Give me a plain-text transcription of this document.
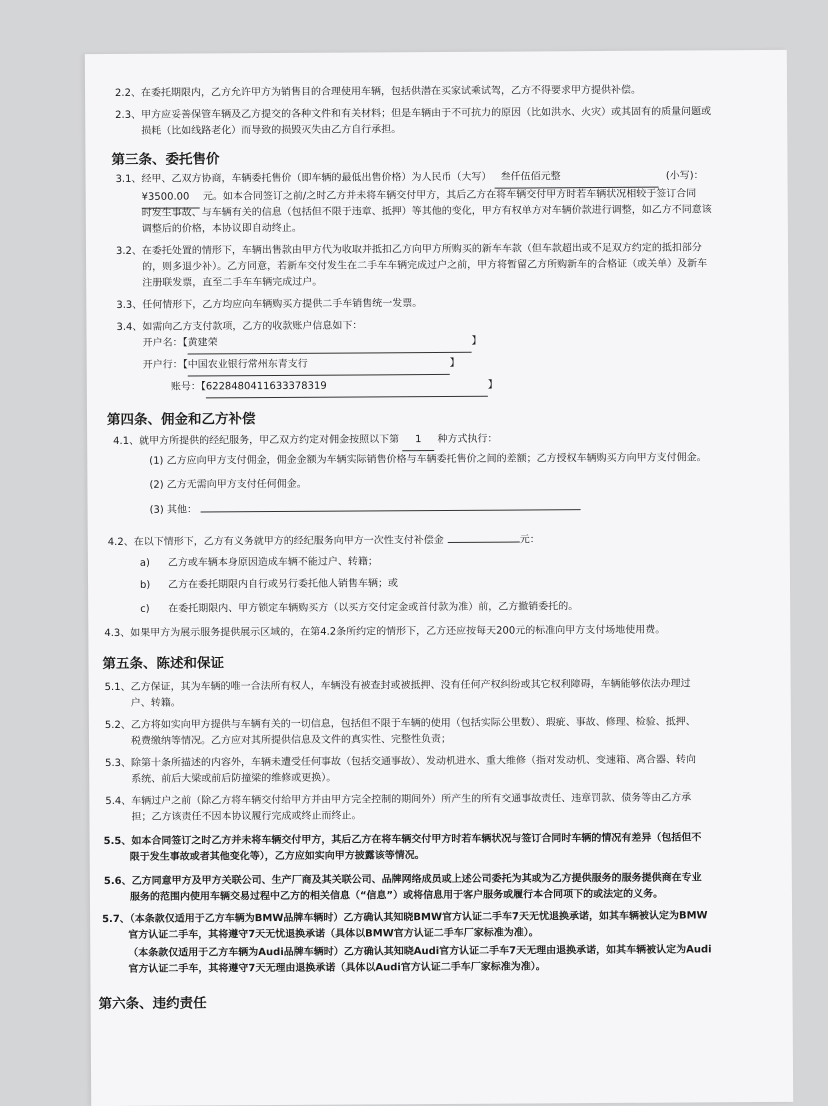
2.2、在委托期限内，乙方允许甲方为销售目的合理使用车辆，包括供潜在买家试乘试驾，乙方不得要求甲方提供补偿。
2.3、甲方应妥善保管车辆及乙方提交的各种文件和有关材料；但是车辆由于不可抗力的原因（比如洪水、火灾）或其固有的质量问题或
损耗（比如线路老化）而导致的损毁灭失由乙方自行承担。
第三条、委托售价
3.1、经甲、乙双方协商，车辆委托售价（即车辆的最低出售价格）为人民币（大写） 叁仟伍佰元整	(小写)：
¥3500.00 元。如本合同签订之前/之时乙方并未将车辆交付甲方，其后乙方在将车辆交付甲方时若车辆状况相较于签订合同
时发生事故、与车辆有关的信息（包括但不限于违章、抵押）等其他的变化，甲方有权单方对车辆价款进行调整，如乙方不同意该
调整后的价格，本协议即自动终止。
3.2、在委托处置的情形下，车辆出售款由甲方代为收取并抵扣乙方向甲方所购买的新车车款（但车款超出或不足双方约定的抵扣部分
的，则多退少补）。乙方同意，若新车交付发生在二手车车辆完成过户之前，甲方将暂留乙方所购新车的合格证（或关单）及新车
注册联发票，直至二手车车辆完成过户。
3.3、任何情形下，乙方均应向车辆购买方提供二手车销售统一发票。
3.4、如需向乙方支付款项，乙方的收款账户信息如下：
开户名：【黄建荣	】
开户行：【中国农业银行常州东青支行	】
账号：【6228480411633378319	】
第四条、佣金和乙方补偿
4.1、就甲方所提供的经纪服务，甲乙双方约定对佣金按照以下第 1 种方式执行：
(1) 乙方应向甲方支付佣金，佣金金额为车辆实际销售价格与车辆委托售价之间的差额；乙方授权车辆购买方向甲方支付佣金。
(2) 乙方无需向甲方支付任何佣金。
(3) 其他：
4.2、在以下情形下，乙方有义务就甲方的经纪服务向甲方一次性支付补偿金	元：
a) 乙方或车辆本身原因造成车辆不能过户、转籍；
b) 乙方在委托期限内自行或另行委托他人销售车辆；或
c) 在委托期限内、甲方锁定车辆购买方（以买方交付定金或首付款为准）前，乙方撤销委托的。
4.3、如果甲方为展示服务提供展示区域的，在第4.2条所约定的情形下，乙方还应按每天200元的标准向甲方支付场地使用费。
第五条、陈述和保证
5.1、乙方保证，其为车辆的唯一合法所有权人，车辆没有被查封或被抵押、没有任何产权纠纷或其它权利障碍，车辆能够依法办理过
户、转籍。
5.2、乙方将如实向甲方提供与车辆有关的一切信息，包括但不限于车辆的使用（包括实际公里数）、瑕疵、事故、修理、检验、抵押、
税费缴纳等情况。乙方应对其所提供信息及文件的真实性、完整性负责；
5.3、除第十条所描述的内容外，车辆未遭受任何事故（包括交通事故）、发动机进水、重大维修（指对发动机、变速箱、离合器、转向
系统、前后大梁或前后防撞梁的维修或更换）。
5.4、车辆过户之前（除乙方将车辆交付给甲方并由甲方完全控制的期间外）所产生的所有交通事故责任、违章罚款、债务等由乙方承
担；乙方该责任不因本协议履行完成或终止而终止。
5.5、如本合同签订之时乙方并未将车辆交付甲方，其后乙方在将车辆交付甲方时若车辆状况与签订合同时车辆的情况有差异（包括但不
限于发生事故或者其他变化等），乙方应如实向甲方披露该等情况。
5.6、乙方同意甲方及甲方关联公司、生产厂商及其关联公司、品牌网络成员或上述公司委托为其或为乙方提供服务的服务提供商在专业
服务的范围内使用车辆交易过程中乙方的相关信息（“信息”）或将信息用于客户服务或履行本合同项下的或法定的义务。
5.7、（本条款仅适用于乙方车辆为BMW品牌车辆时）乙方确认其知晓BMW官方认证二手车7天无忧退换承诺，如其车辆被认定为BMW
官方认证二手车，其将遵守7天无忧退换承诺（具体以BMW官方认证二手车厂家标准为准）。
（本条款仅适用于乙方车辆为Audi品牌车辆时）乙方确认其知晓Audi官方认证二手车7天无理由退换承诺，如其车辆被认定为Audi
官方认证二手车，其将遵守7天无理由退换承诺（具体以Audi官方认证二手车厂家标准为准）。
第六条、违约责任
